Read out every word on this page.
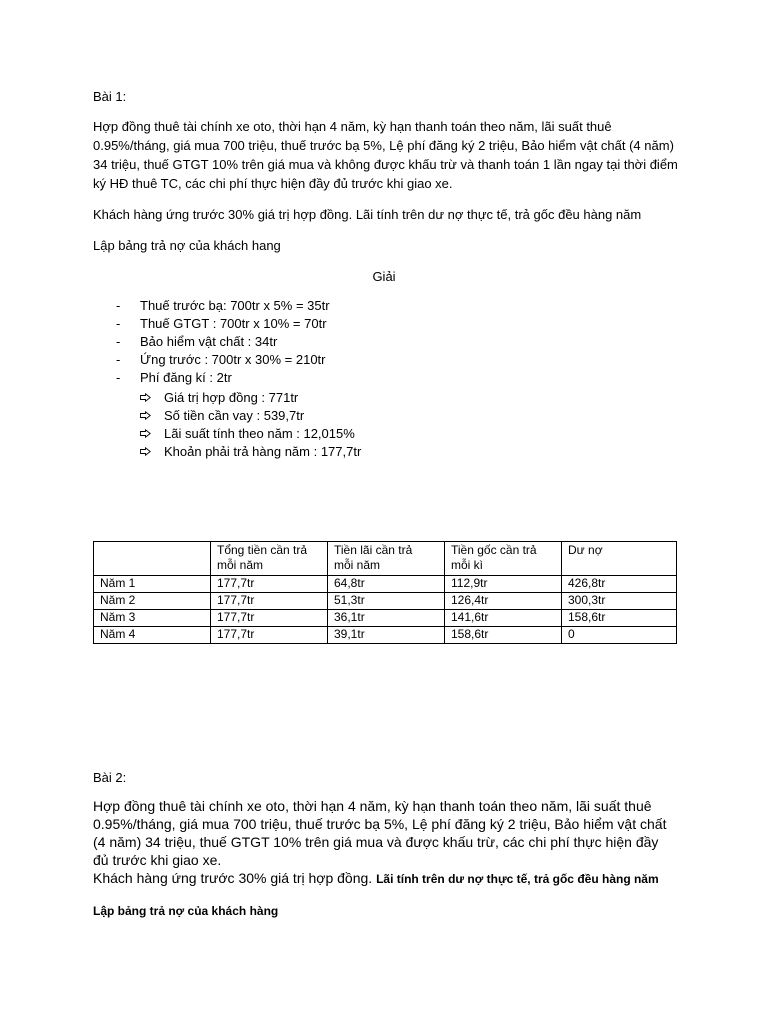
Bài 1:

Hợp đồng thuê tài chính xe oto, thời hạn 4 năm, kỳ hạn thanh toán theo năm, lãi suất thuê
0.95%/tháng, giá mua 700 triệu, thuế trước bạ 5%, Lệ phí đăng ký 2 triệu, Bảo hiểm vật chất (4 năm)
34 triệu, thuế GTGT 10% trên giá mua và không được khấu trừ và thanh toán 1 lần ngay tại thời điểm
ký HĐ thuê TC, các chi phí thực hiện đầy đủ trước khi giao xe.

Khách hàng ứng trước 30% giá trị hợp đồng. Lãi tính trên dư nợ thực tế, trả gốc đều hàng năm

Lập bảng trả nợ của khách hang

Giải
- Thuế trước bạ: 700tr x 5% = 35tr
- Thuế GTGT : 700tr x 10% = 70tr
- Bảo hiểm vật chất : 34tr
- Ứng trước : 700tr x 30% = 210tr
- Phí đăng kí : 2tr
Giá trị hợp đồng : 771tr
Số tiền cần vay : 539,7tr
Lãi suất tính theo năm : 12,015%
Khoản phải trả hàng năm : 177,7tr
	Tổng tiền cần trả
mỗi năm	Tiền lãi cần trả
mỗi năm	Tiền gốc cần trả
mỗi kì	Dư nợ
Năm 1	177,7tr	64,8tr	112,9tr	426,8tr
Năm 2	177,7tr	51,3tr	126,4tr	300,3tr
Năm 3	177,7tr	36,1tr	141,6tr	158,6tr
Năm 4	177,7tr	39,1tr	158,6tr	0

Bài 2:

Hợp đồng thuê tài chính xe oto, thời hạn 4 năm, kỳ hạn thanh toán theo năm, lãi suất thuê
0.95%/tháng, giá mua 700 triệu, thuế trước bạ 5%, Lệ phí đăng ký 2 triệu, Bảo hiểm vật chất
(4 năm) 34 triệu, thuế GTGT 10% trên giá mua và được khấu trừ, các chi phí thực hiện đầy
đủ trước khi giao xe.
Khách hàng ứng trước 30% giá trị hợp đồng. Lãi tính trên dư nợ thực tế, trả gốc đều hàng năm

Lập bảng trả nợ của khách hàng
